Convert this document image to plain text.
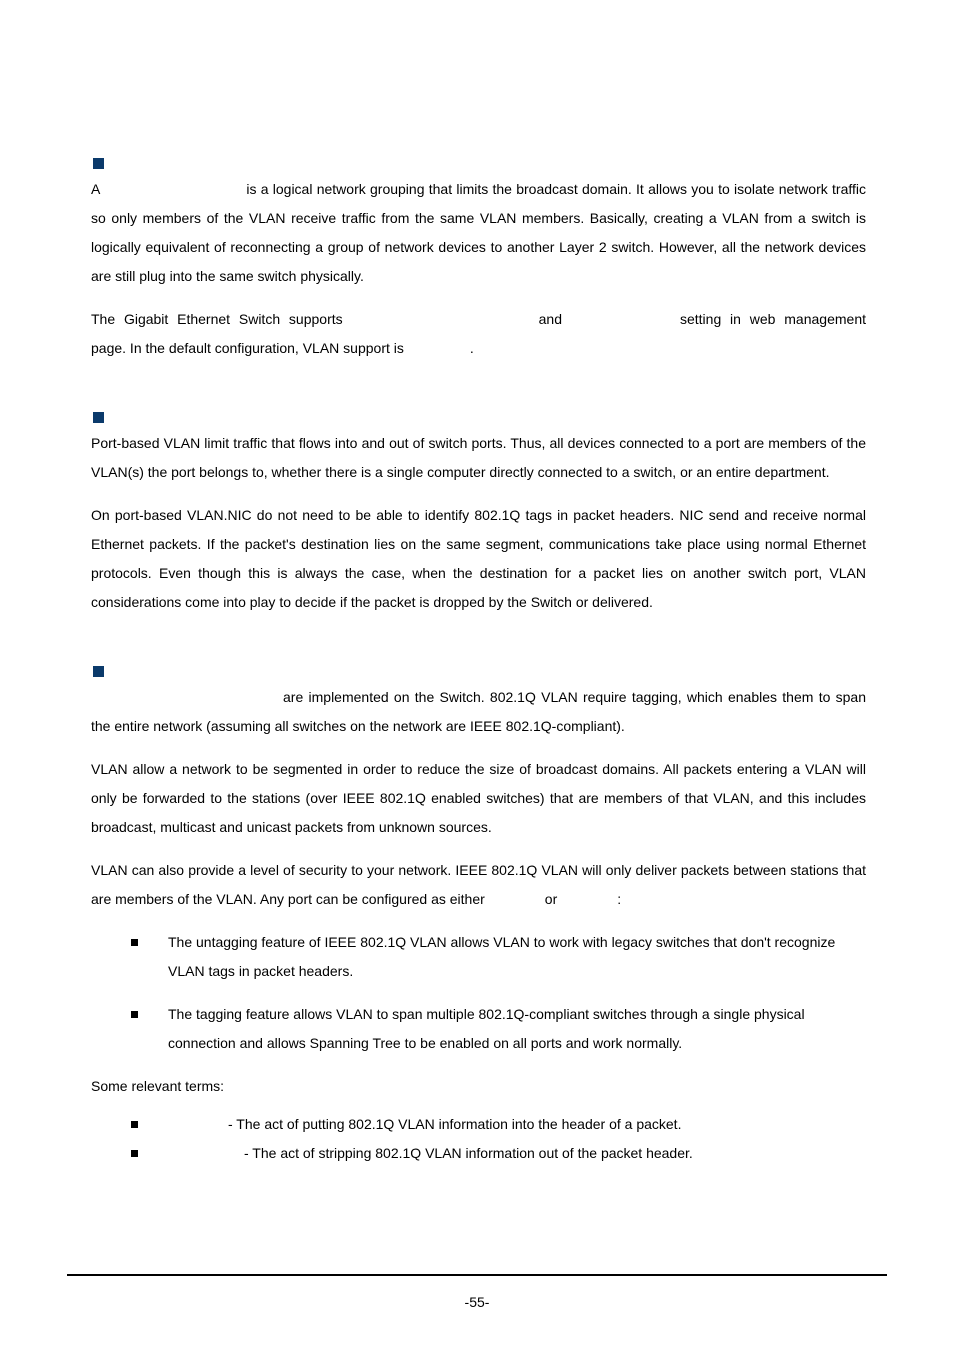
A	is a logical network grouping that limits the broadcast domain. It allows you to isolate network traffic so only members of the VLAN receive traffic from the same VLAN members. Basically, creating a VLAN from a switch is logically equivalent of reconnecting a group of network devices to another Layer 2 switch. However, all the network devices are still plug into the same switch physically.

The Gigabit Ethernet Switch supports	and	setting in web management page. In the default configuration, VLAN support is	.

Port-based VLAN limit traffic that flows into and out of switch ports. Thus, all devices connected to a port are members of the VLAN(s) the port belongs to, whether there is a single computer directly connected to a switch, or an entire department.

On port-based VLAN.NIC do not need to be able to identify 802.1Q tags in packet headers. NIC send and receive normal Ethernet packets. If the packet's destination lies on the same segment, communications take place using normal Ethernet protocols. Even though this is always the case, when the destination for a packet lies on another switch port, VLAN considerations come into play to decide if the packet is dropped by the Switch or delivered.

are implemented on the Switch. 802.1Q VLAN require tagging, which enables them to span the entire network (assuming all switches on the network are IEEE 802.1Q-compliant).

VLAN allow a network to be segmented in order to reduce the size of broadcast domains. All packets entering a VLAN will only be forwarded to the stations (over IEEE 802.1Q enabled switches) that are members of that VLAN, and this includes broadcast, multicast and unicast packets from unknown sources.

VLAN can also provide a level of security to your network. IEEE 802.1Q VLAN will only deliver packets between stations that are members of the VLAN. Any port can be configured as either	or	:

The untagging feature of IEEE 802.1Q VLAN allows VLAN to work with legacy switches that don't recognize VLAN tags in packet headers.
The tagging feature allows VLAN to span multiple 802.1Q-compliant switches through a single physical connection and allows Spanning Tree to be enabled on all ports and work normally.

Some relevant terms:

- The act of putting 802.1Q VLAN information into the header of a packet.
- The act of stripping 802.1Q VLAN information out of the packet header.
-55-
